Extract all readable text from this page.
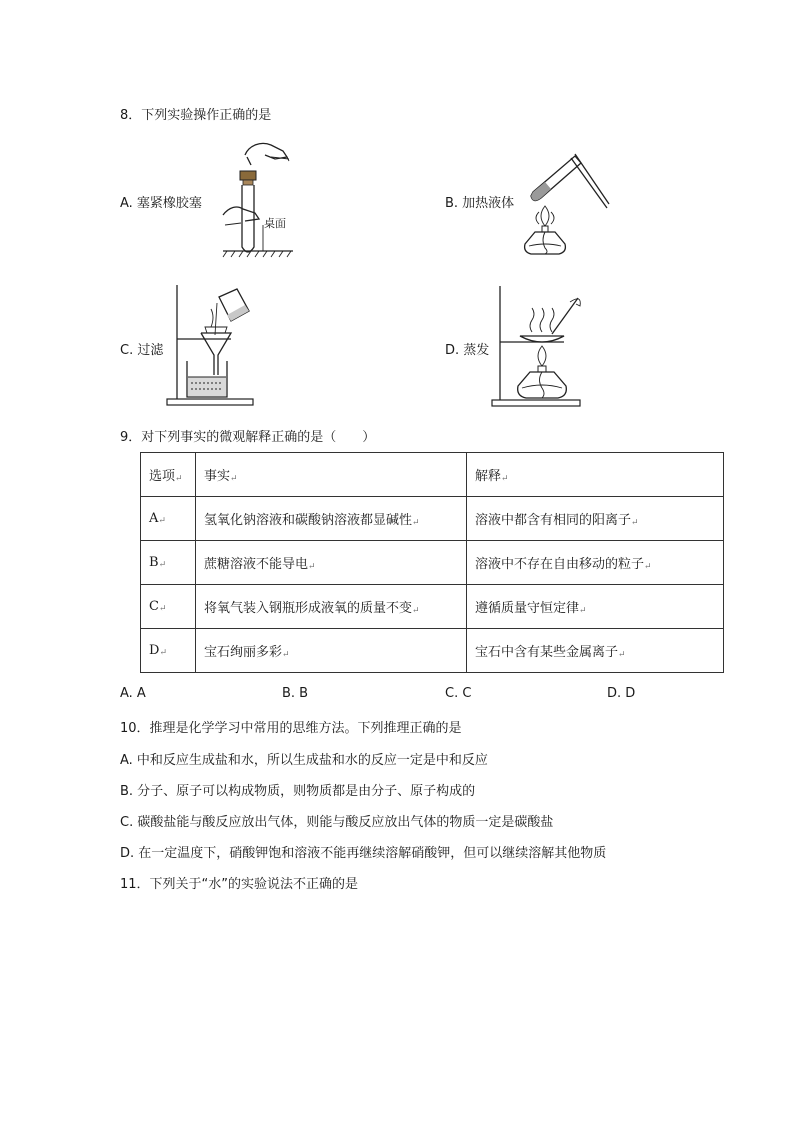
8．下列实验操作正确的是
A. 塞紧橡胶塞	B. 加热液体
C. 过滤	D. 蒸发
桌面
9．对下列事实的微观解释正确的是（　　）
选项↵	事实↵	解释↵
A↵	氢氧化钠溶液和碳酸钠溶液都显碱性↵	溶液中都含有相同的阳离子↵
B↵	蔗糖溶液不能导电↵	溶液中不存在自由移动的粒子↵
C↵	将氧气装入钢瓶形成液氧的质量不变↵	遵循质量守恒定律↵
D↵	宝石绚丽多彩↵	宝石中含有某些金属离子↵
A. A	B. B	C. C	D. D
10．推理是化学学习中常用的思维方法。下列推理正确的是
A. 中和反应生成盐和水，所以生成盐和水的反应一定是中和反应
B. 分子、原子可以构成物质，则物质都是由分子、原子构成的
C. 碳酸盐能与酸反应放出气体，则能与酸反应放出气体的物质一定是碳酸盐
D. 在一定温度下，硝酸钾饱和溶液不能再继续溶解硝酸钾，但可以继续溶解其他物质
11．下列关于“水”的实验说法不正确的是
